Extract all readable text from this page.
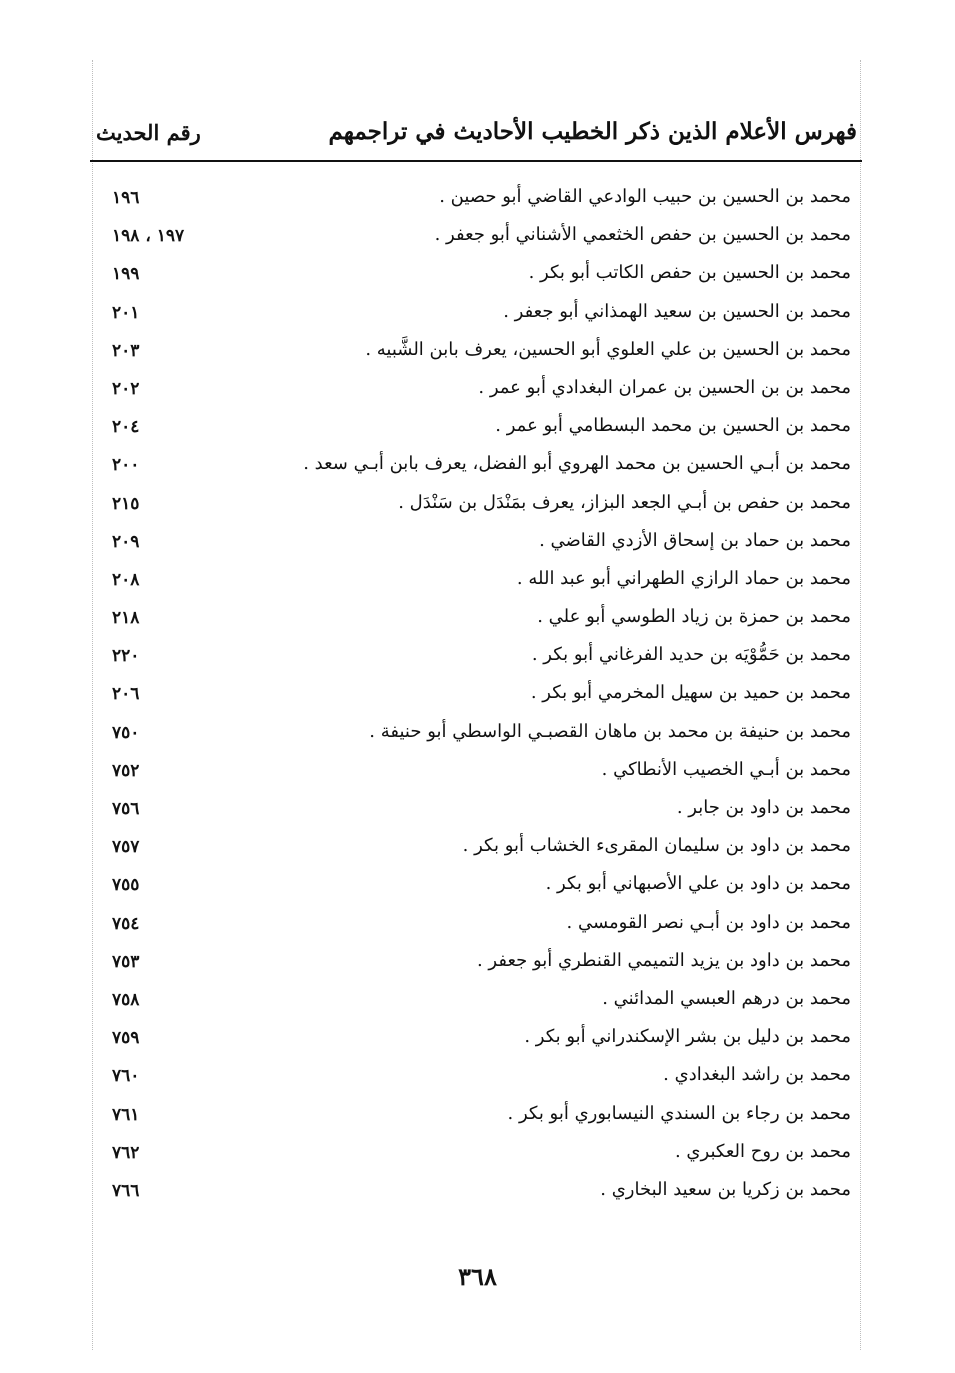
فهرس الأعلام الذين ذكر الخطيب الأحاديث في تراجمهم
رقم الحديث
محمد بن الحسين بن حبيب الوادعي القاضي أبو حصين .
١٩٦
محمد بن الحسين بن حفص الخثعمي الأشناني أبو جعفر .
١٩٧ ، ١٩٨
محمد بن الحسين بن حفص الكاتب أبو بكر .
١٩٩
محمد بن الحسين بن سعيد الهمذاني أبو جعفر .
٢٠١
محمد بن الحسين بن علي العلوي أبو الحسين، يعرف بابن الشَّبيه .
٢٠٣
محمد بن بن الحسين بن عمران البغدادي أبو عمر .
٢٠٢
محمد بن الحسين بن محمد البسطامي أبو عمر .
٢٠٤
محمد بن أبـي الحسين بن محمد الهروي أبو الفضل، يعرف بابن أبـي سعد .
٢٠٠
محمد بن حفص بن أبـي الجعد البزاز، يعرف بمَنْدَل بن سَنْدَل .
٢١٥
محمد بن حماد بن إسحاق الأزدي القاضي .
٢٠٩
محمد بن حماد الرازي الطهراني أبو عبد الله .
٢٠٨
محمد بن حمزة بن زياد الطوسي أبو علي .
٢١٨
محمد بن حَمُّوْيَه بن حديد الفرغاني أبو بكر .
٢٢٠
محمد بن حميد بن سهيل المخرمي أبو بكر .
٢٠٦
محمد بن حنيفة بن محمد بن ماهان القصبـي الواسطي أبو حنيفة .
٧٥٠
محمد بن أبـي الخصيب الأنطاكي .
٧٥٢
محمد بن داود بن جابر .
٧٥٦
محمد بن داود بن سليمان المقرىء الخشاب أبو بكر .
٧٥٧
محمد بن داود بن علي الأصبهاني أبو بكر .
٧٥٥
محمد بن داود بن أبـي نصر القومسي .
٧٥٤
محمد بن داود بن يزيد التميمي القنطري أبو جعفر .
٧٥٣
محمد بن درهم العبسي المدائني .
٧٥٨
محمد بن دليل بن بشر الإسكندراني أبو بكر .
٧٥٩
محمد بن راشد البغدادي .
٧٦٠
محمد بن رجاء بن السندي النيسابوري أبو بكر .
٧٦١
محمد بن روح العكبري .
٧٦٢
محمد بن زكريا بن سعيد البخاري .
٧٦٦
٣٦٨
